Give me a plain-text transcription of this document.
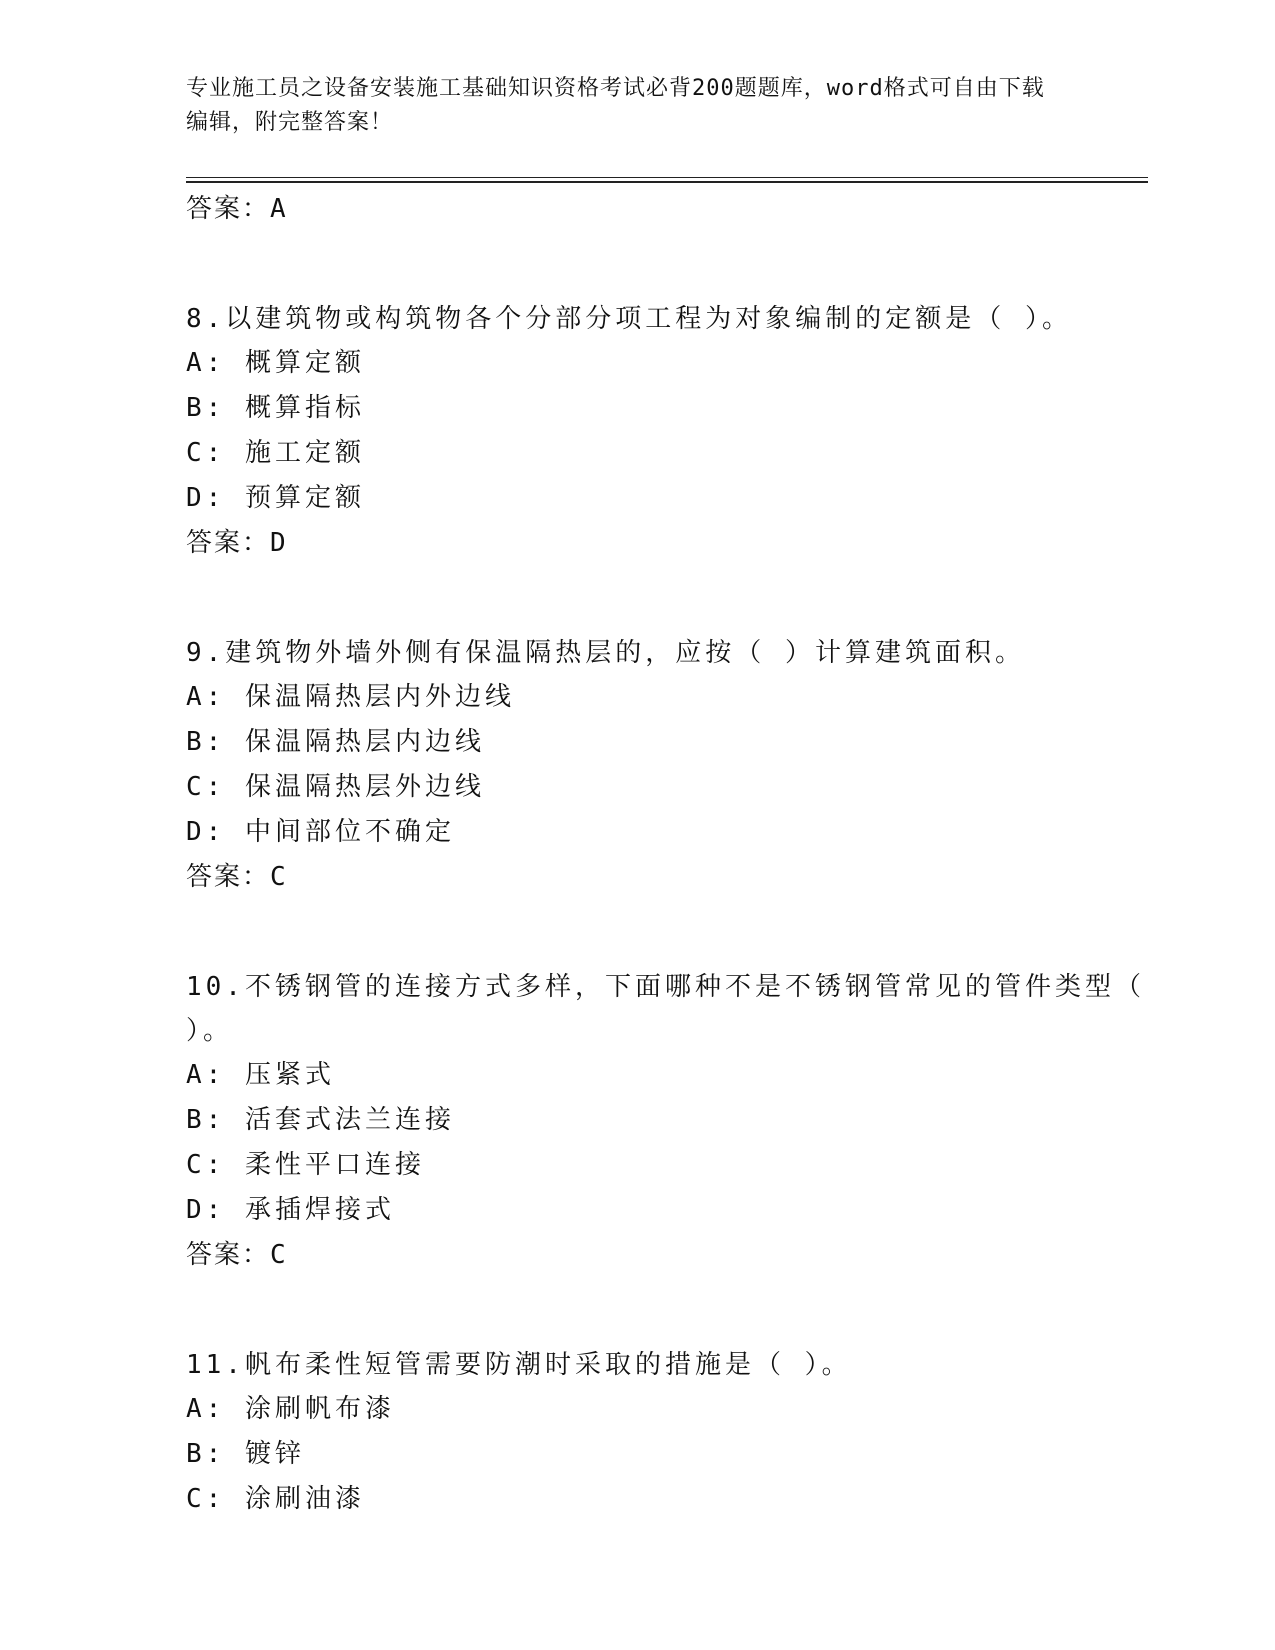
专业施工员之设备安装施工基础知识资格考试必背200题题库，word格式可自由下载编辑，附完整答案！
答案：A
8.以建筑物或构筑物各个分部分项工程为对象编制的定额是（ ）。
A: 概算定额
B: 概算指标
C: 施工定额
D: 预算定额
答案：D
9.建筑物外墙外侧有保温隔热层的，应按（ ）计算建筑面积。
A: 保温隔热层内外边线
B: 保温隔热层内边线
C: 保温隔热层外边线
D: 中间部位不确定
答案：C
10.不锈钢管的连接方式多样，下面哪种不是不锈钢管常见的管件类型（ ）。
A: 压紧式
B: 活套式法兰连接
C: 柔性平口连接
D: 承插焊接式
答案：C
11.帆布柔性短管需要防潮时采取的措施是（ ）。
A: 涂刷帆布漆
B: 镀锌
C: 涂刷油漆
